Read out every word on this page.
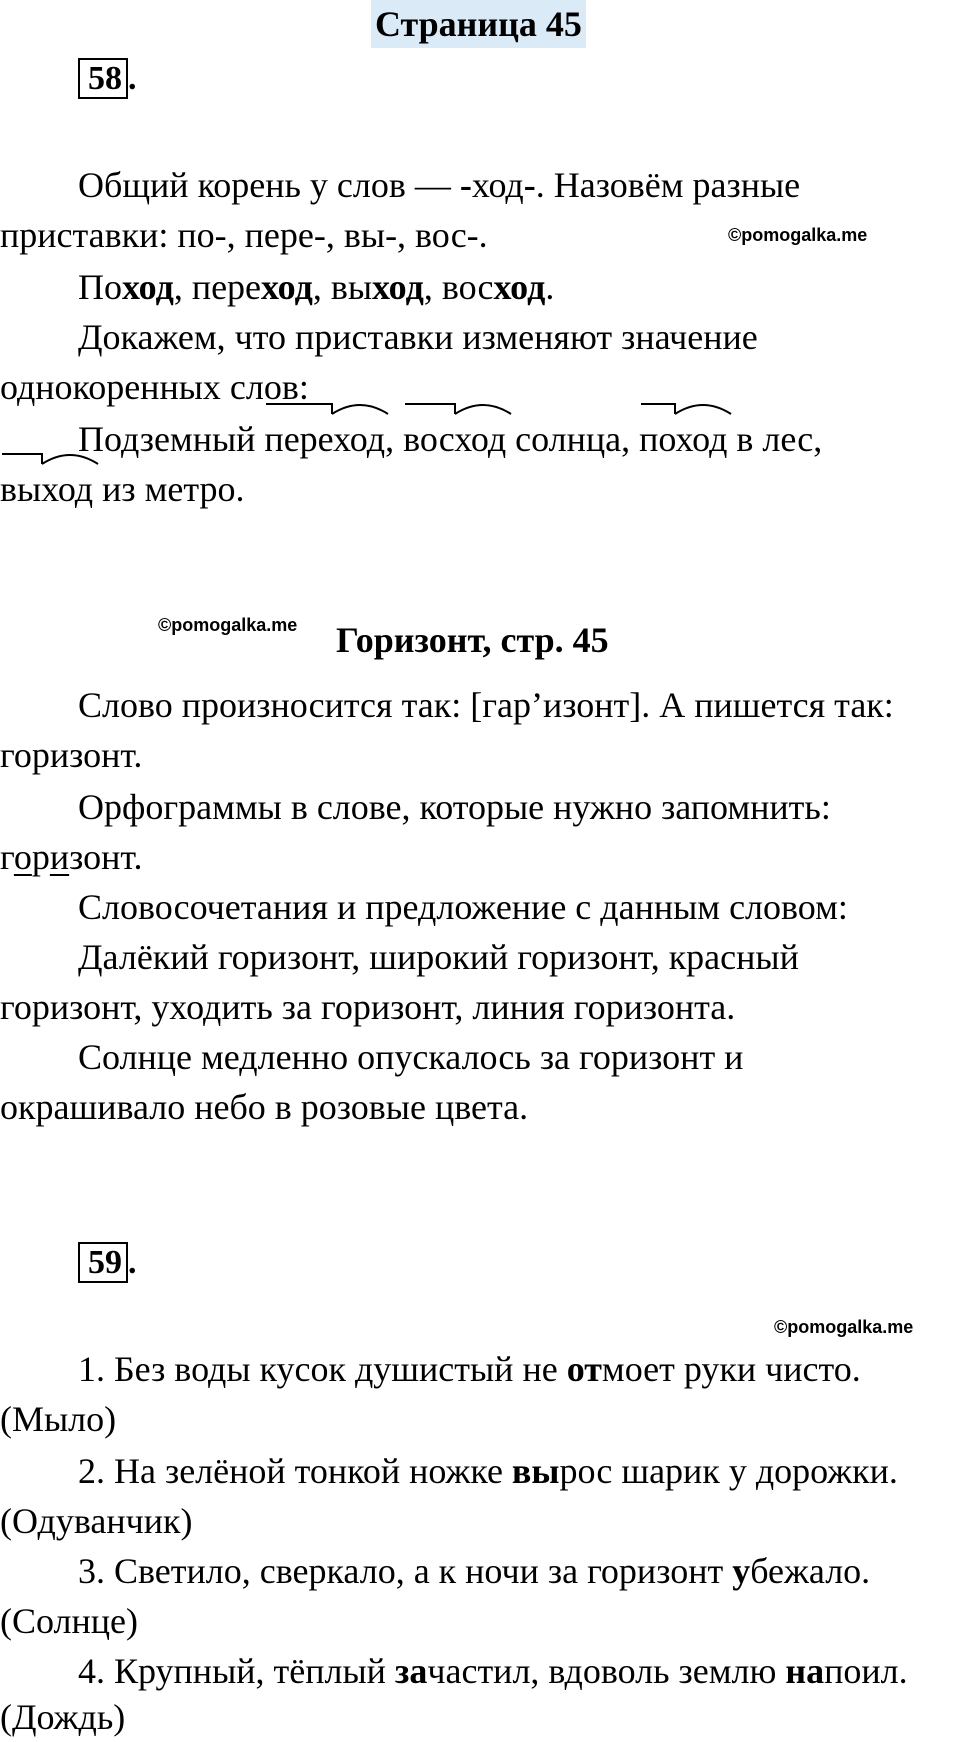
Страница 45
58 .
Общий корень у слов — -ход-. Назовём разные
приставки: по-, пере-, вы-, вос-.	©pomogalka.me
Поход, переход, выход, восход.
Докажем, что приставки изменяют значение
однокоренных слов:
Подземный
переход,
восход солнца,
поход в лес,
выход из метро.
©pomogalka.me Горизонт, стр. 45
Слово произносится так: [гар’изонт]. А пишется так:
горизонт.
Орфограммы в слове, которые нужно запомнить:
горизонт.
Словосочетания и предложение с данным словом:
Далёкий горизонт, широкий горизонт, красный
горизонт, уходить за горизонт, линия горизонта.
Солнце медленно опускалось за горизонт и
окрашивало небо в розовые цвета.
59 .
©pomogalka.me
1. Без воды кусок душистый не отмоет руки чисто.
(Мыло)
2. На зелёной тонкой ножке вырос шарик у дорожки.
(Одуванчик)
3. Светило, сверкало, а к ночи за горизонт убежало.
(Солнце)
4. Крупный, тёплый зачастил, вдоволь землю напоил.
(Дождь)
